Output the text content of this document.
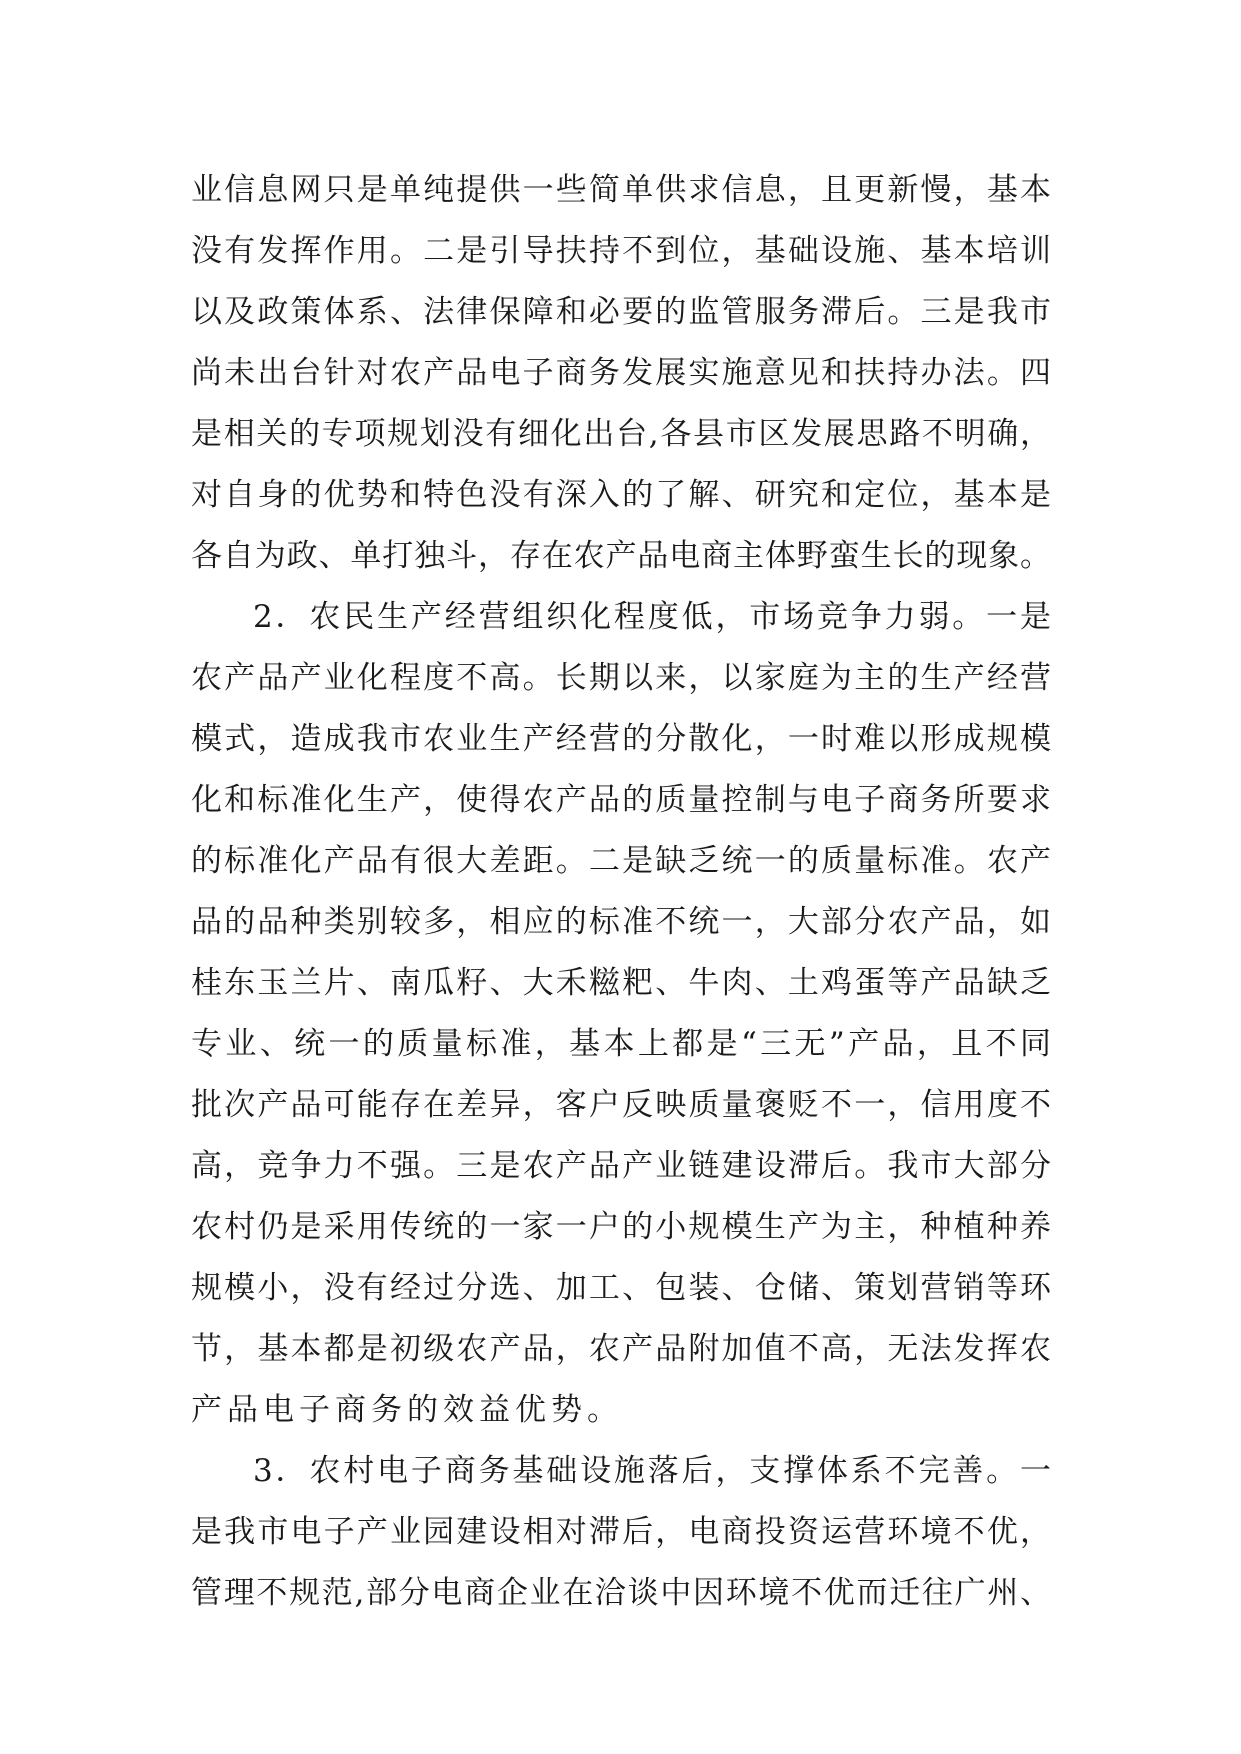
业信息网只是单纯提供一些简单供求信息，且更新慢，基本
没有发挥作用。二是引导扶持不到位，基础设施、基本培训
以及政策体系、法律保障和必要的监管服务滞后。三是我市
尚未出台针对农产品电子商务发展实施意见和扶持办法。四
是相关的专项规划没有细化出台,各县市区发展思路不明确，
对自身的优势和特色没有深入的了解、研究和定位，基本是
各自为政、单打独斗，存在农产品电商主体野蛮生长的现象。
2．农民生产经营组织化程度低，市场竞争力弱。一是
农产品产业化程度不高。长期以来，以家庭为主的生产经营
模式，造成我市农业生产经营的分散化，一时难以形成规模
化和标准化生产，使得农产品的质量控制与电子商务所要求
的标准化产品有很大差距。二是缺乏统一的质量标准。农产
品的品种类别较多，相应的标准不统一，大部分农产品，如
桂东玉兰片、南瓜籽、大禾糍粑、牛肉、土鸡蛋等产品缺乏
专业、统一的质量标准，基本上都是“三无”产品，且不同
批次产品可能存在差异，客户反映质量褒贬不一，信用度不
高，竞争力不强。三是农产品产业链建设滞后。我市大部分
农村仍是采用传统的一家一户的小规模生产为主，种植种养
规模小，没有经过分选、加工、包装、仓储、策划营销等环
节，基本都是初级农产品，农产品附加值不高，无法发挥农
产品电子商务的效益优势。
3．农村电子商务基础设施落后，支撑体系不完善。一
是我市电子产业园建设相对滞后，电商投资运营环境不优，
管理不规范,部分电商企业在洽谈中因环境不优而迁往广州、
